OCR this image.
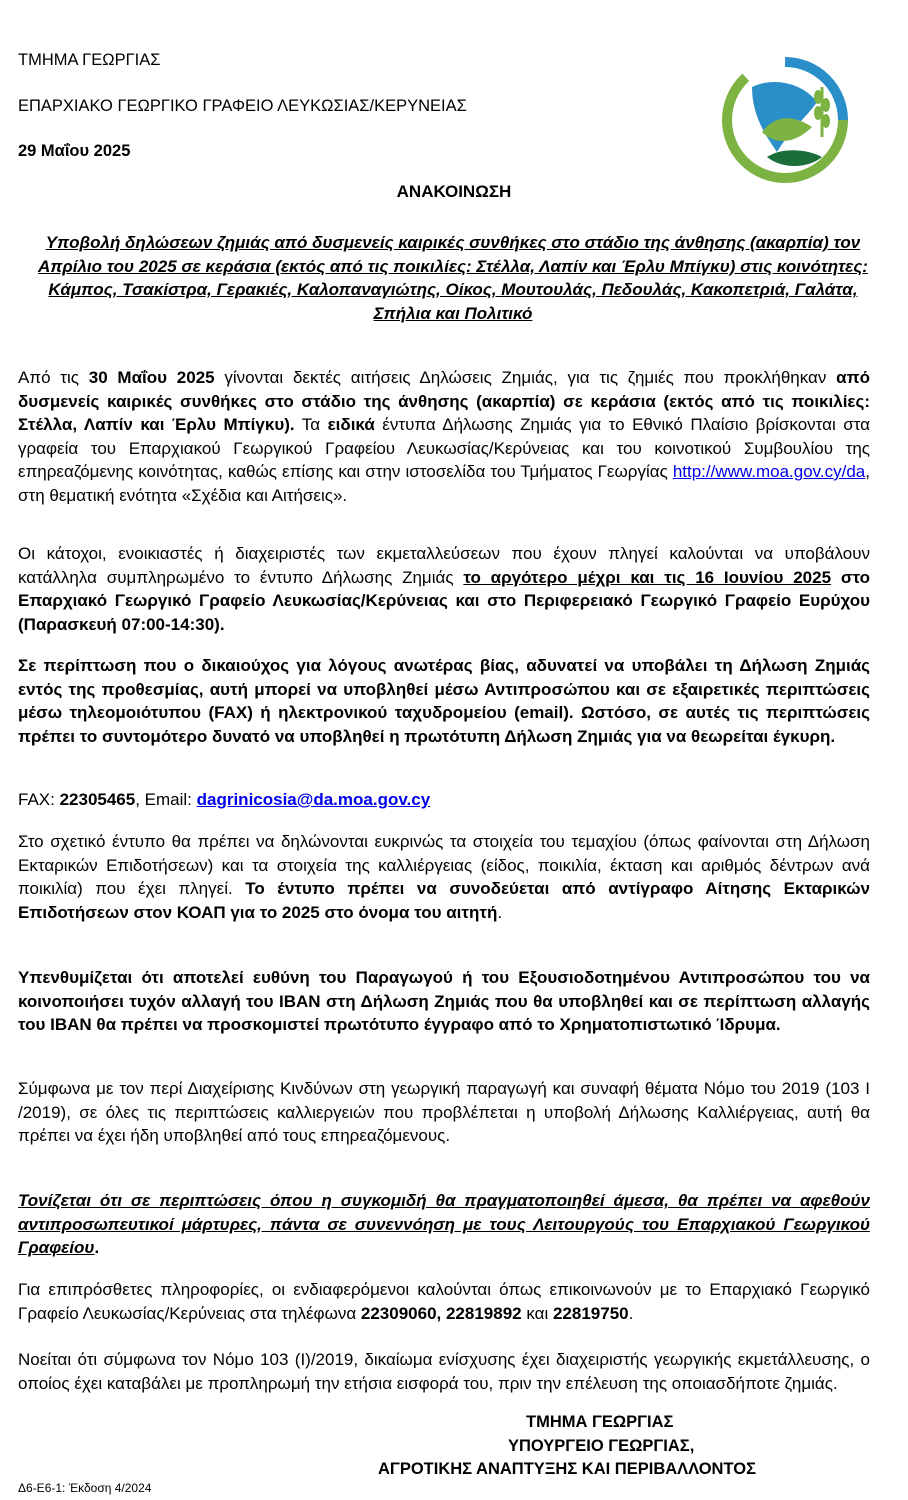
ΤΜΗΜΑ ΓΕΩΡΓΙΑΣ
ΕΠΑΡΧΙΑΚΟ ΓΕΩΡΓΙΚΟ ΓΡΑΦΕΙΟ ΛΕΥΚΩΣΙΑΣ/ΚΕΡΥΝΕΙΑΣ
29 Μαΐου 2025
ΑΝΑΚΟΙΝΩΣΗ
Υποβολή δηλώσεων ζημιάς από δυσμενείς καιρικές συνθήκες στο στάδιο της άνθησης (ακαρπία) τον Απρίλιο του 2025 σε κεράσια (εκτός από τις ποικιλίες: Στέλλα, Λαπίν και Έρλυ Μπίγκυ) στις κοινότητες: Κάμπος, Τσακίστρα, Γερακιές, Καλοπαναγιώτης, Οίκος, Μουτουλάς, Πεδουλάς, Κακοπετριά, Γαλάτα, Σπήλια και Πολιτικό
Από τις 30 Μαΐου 2025 γίνονται δεκτές αιτήσεις Δηλώσεις Ζημιάς, για τις ζημιές που προκλήθηκαν από δυσμενείς καιρικές συνθήκες στο στάδιο της άνθησης (ακαρπία) σε κεράσια (εκτός από τις ποικιλίες: Στέλλα, Λαπίν και Έρλυ Μπίγκυ). Τα ειδικά έντυπα Δήλωσης Ζημιάς για το Εθνικό Πλαίσιο βρίσκονται στα γραφεία του Επαρχιακού Γεωργικού Γραφείου Λευκωσίας/Κερύνειας και του κοινοτικού Συμβουλίου της επηρεαζόμενης κοινότητας, καθώς επίσης και στην ιστοσελίδα του Τμήματος Γεωργίας http://www.moa.gov.cy/da, στη θεματική ενότητα «Σχέδια και Αιτήσεις».
Οι κάτοχοι, ενοικιαστές ή διαχειριστές των εκμεταλλεύσεων που έχουν πληγεί καλούνται να υποβάλουν κατάλληλα συμπληρωμένο το έντυπο Δήλωσης Ζημιάς το αργότερο μέχρι και τις 16 Ιουνίου 2025 στο Επαρχιακό Γεωργικό Γραφείο Λευκωσίας/Κερύνειας και στο Περιφερειακό Γεωργικό Γραφείο Ευρύχου (Παρασκευή 07:00-14:30).
Σε περίπτωση που ο δικαιούχος για λόγους ανωτέρας βίας, αδυνατεί να υποβάλει τη Δήλωση Ζημιάς εντός της προθεσμίας, αυτή μπορεί να υποβληθεί μέσω Αντιπροσώπου και σε εξαιρετικές περιπτώσεις μέσω τηλεομοιότυπου (FAX) ή ηλεκτρονικού ταχυδρομείου (email). Ωστόσο, σε αυτές τις περιπτώσεις πρέπει το συντομότερο δυνατό να υποβληθεί η πρωτότυπη Δήλωση Ζημιάς για να θεωρείται έγκυρη.
FAX: 22305465, Email: dagrinicosia@da.moa.gov.cy
Στο σχετικό έντυπο θα πρέπει να δηλώνονται ευκρινώς τα στοιχεία του τεμαχίου (όπως φαίνονται στη Δήλωση Εκταρικών Επιδοτήσεων) και τα στοιχεία της καλλιέργειας (είδος, ποικιλία, έκταση και αριθμός δέντρων ανά ποικιλία) που έχει πληγεί. Το έντυπο πρέπει να συνοδεύεται από αντίγραφο Αίτησης Εκταρικών Επιδοτήσεων στον ΚΟΑΠ για το 2025 στο όνομα του αιτητή.
Υπενθυμίζεται ότι αποτελεί ευθύνη του Παραγωγού ή του Εξουσιοδοτημένου Αντιπροσώπου του να κοινοποιήσει τυχόν αλλαγή του IBAN στη Δήλωση Ζημιάς που θα υποβληθεί και σε περίπτωση αλλαγής του IBAN θα πρέπει να προσκομιστεί πρωτότυπο έγγραφο από το Χρηματοπιστωτικό Ίδρυμα.
Σύμφωνα με τον περί Διαχείρισης Κινδύνων στη γεωργική παραγωγή και συναφή θέματα Νόμο του 2019 (103 Ι /2019), σε όλες τις περιπτώσεις καλλιεργειών που προβλέπεται η υποβολή Δήλωσης Καλλιέργειας, αυτή θα πρέπει να έχει ήδη υποβληθεί από τους επηρεαζόμενους.
Τονίζεται ότι σε περιπτώσεις όπου η συγκομιδή θα πραγματοποιηθεί άμεσα, θα πρέπει να αφεθούν αντιπροσωπευτικοί μάρτυρες, πάντα σε συνεννόηση με τους Λειτουργούς του Επαρχιακού Γεωργικού Γραφείου.
Για επιπρόσθετες πληροφορίες, οι ενδιαφερόμενοι καλούνται όπως επικοινωνούν με το Επαρχιακό Γεωργικό Γραφείο Λευκωσίας/Κερύνειας στα τηλέφωνα 22309060, 22819892 και 22819750.
Νοείται ότι σύμφωνα τον Νόμο 103 (Ι)/2019, δικαίωμα ενίσχυσης έχει διαχειριστής γεωργικής εκμετάλλευσης, ο οποίος έχει καταβάλει με προπληρωμή την ετήσια εισφορά του, πριν την επέλευση της οποιασδήποτε ζημιάς.
ΤΜΗΜΑ ΓΕΩΡΓΙΑΣ
ΥΠΟΥΡΓΕΙΟ ΓΕΩΡΓΙΑΣ,
ΑΓΡΟΤΙΚΗΣ ΑΝΑΠΤΥΞΗΣ ΚΑΙ ΠΕΡΙΒΑΛΛΟΝΤΟΣ
Δ6-Ε6-1: Έκδοση 4/2024
